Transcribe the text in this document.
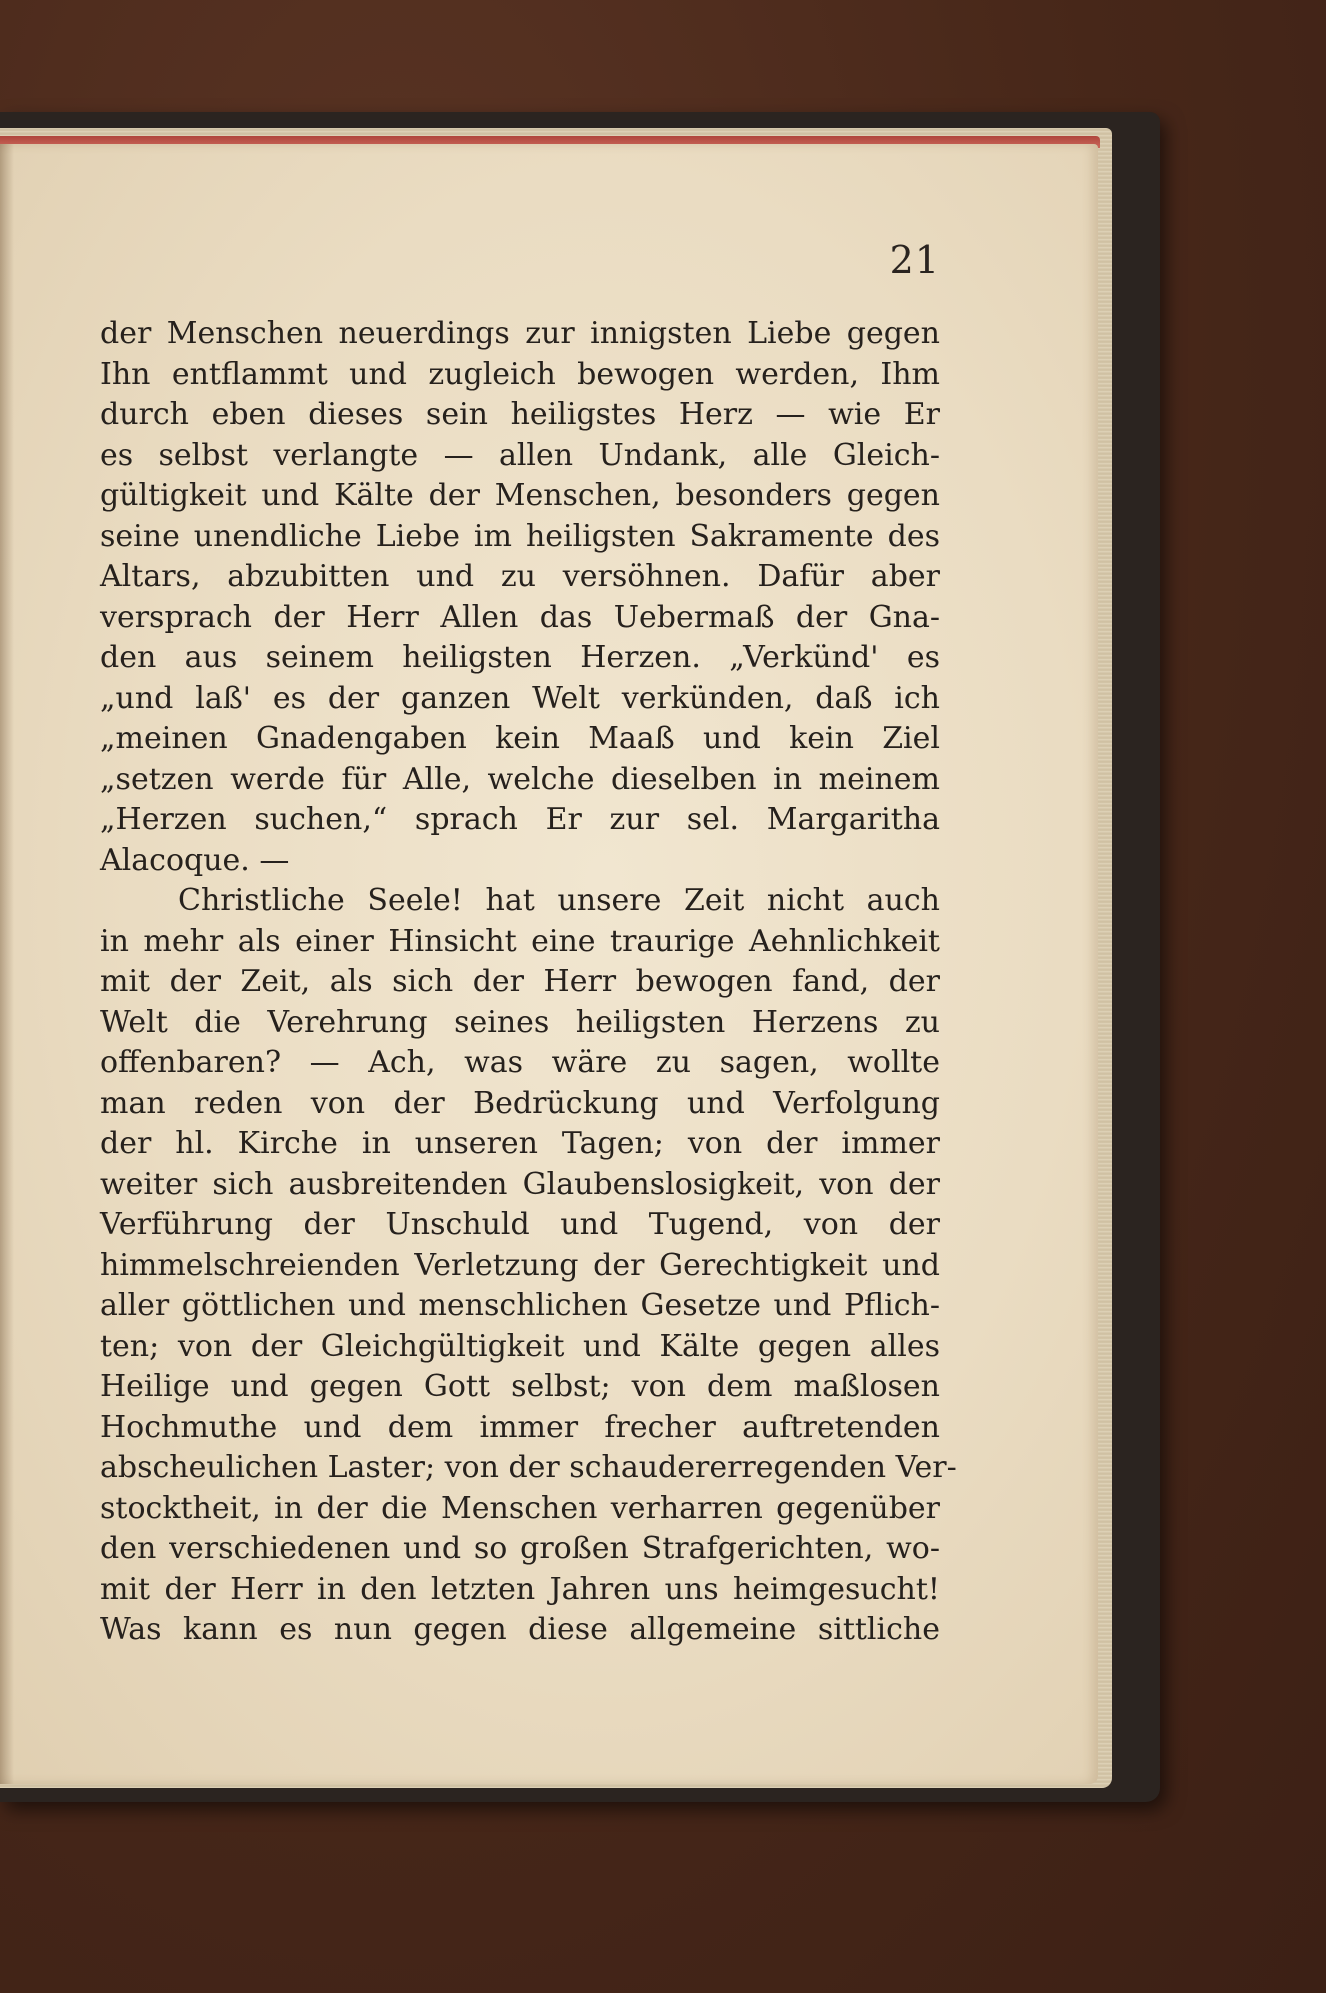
21
der Menschen neuerdings zur innigsten Liebe gegen
Ihn entflammt und zugleich bewogen werden, Ihm
durch eben dieses sein heiligstes Herz — wie Er
es selbst verlangte — allen Undank, alle Gleich-
gültigkeit und Kälte der Menschen, besonders gegen
seine unendliche Liebe im heiligsten Sakramente des
Altars, abzubitten und zu versöhnen. Dafür aber
versprach der Herr Allen das Uebermaß der Gna-
den aus seinem heiligsten Herzen. „Verkünd' es
„und laß' es der ganzen Welt verkünden, daß ich
„meinen Gnadengaben kein Maaß und kein Ziel
„setzen werde für Alle, welche dieselben in meinem
„Herzen suchen,“ sprach Er zur sel. Margaritha
Alacoque. —
Christliche Seele! hat unsere Zeit nicht auch
in mehr als einer Hinsicht eine traurige Aehnlichkeit
mit der Zeit, als sich der Herr bewogen fand, der
Welt die Verehrung seines heiligsten Herzens zu
offenbaren? — Ach, was wäre zu sagen, wollte
man reden von der Bedrückung und Verfolgung
der hl. Kirche in unseren Tagen; von der immer
weiter sich ausbreitenden Glaubenslosigkeit, von der
Verführung der Unschuld und Tugend, von der
himmelschreienden Verletzung der Gerechtigkeit und
aller göttlichen und menschlichen Gesetze und Pflich-
ten; von der Gleichgültigkeit und Kälte gegen alles
Heilige und gegen Gott selbst; von dem maßlosen
Hochmuthe und dem immer frecher auftretenden
abscheulichen Laster; von der schaudererregenden Ver-
stocktheit, in der die Menschen verharren gegenüber
den verschiedenen und so großen Strafgerichten, wo-
mit der Herr in den letzten Jahren uns heimgesucht!
Was kann es nun gegen diese allgemeine sittliche
